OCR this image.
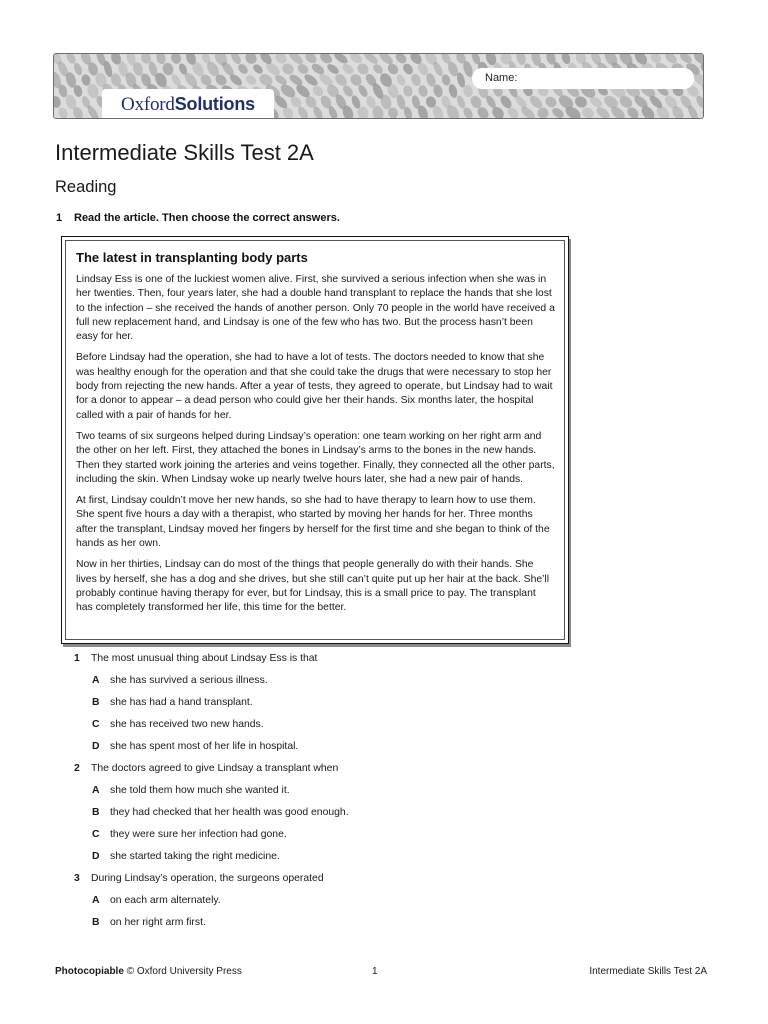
OxfordSolutions
Name:
Intermediate Skills Test 2A
Reading
1 Read the article. Then choose the correct answers.
The latest in transplanting body parts

Lindsay Ess is one of the luckiest women alive. First, she survived a serious infection when she was in her twenties. Then, four years later, she had a double hand transplant to replace the hands that she lost to the infection – she received the hands of another person. Only 70 people in the world have received a full new replacement hand, and Lindsay is one of the few who has two. But the process hasn’t been easy for her.

Before Lindsay had the operation, she had to have a lot of tests. The doctors needed to know that she was healthy enough for the operation and that she could take the drugs that were necessary to stop her body from rejecting the new hands. After a year of tests, they agreed to operate, but Lindsay had to wait for a donor to appear – a dead person who could give her their hands. Six months later, the hospital called with a pair of hands for her.

Two teams of six surgeons helped during Lindsay’s operation: one team working on her right arm and the other on her left. First, they attached the bones in Lindsay’s arms to the bones in the new hands. Then they started work joining the arteries and veins together. Finally, they connected all the other parts, including the skin. When Lindsay woke up nearly twelve hours later, she had a new pair of hands.

At first, Lindsay couldn’t move her new hands, so she had to have therapy to learn how to use them. She spent five hours a day with a therapist, who started by moving her hands for her. Three months after the transplant, Lindsay moved her fingers by herself for the first time and she began to think of the hands as her own.

Now in her thirties, Lindsay can do most of the things that people generally do with their hands. She lives by herself, she has a dog and she drives, but she still can’t quite put up her hair at the back. She’ll probably continue having therapy for ever, but for Lindsay, this is a small price to pay. The transplant has completely transformed her life, this time for the better.

1	The most unusual thing about Lindsay Ess is that
A	she has survived a serious illness.
B	she has had a hand transplant.
C	she has received two new hands.
D	she has spent most of her life in hospital.
2	The doctors agreed to give Lindsay a transplant when
A	she told them how much she wanted it.
B	they had checked that her health was good enough.
C	they were sure her infection had gone.
D	she started taking the right medicine.
3	During Lindsay’s operation, the surgeons operated
A	on each arm alternately.
B	on her right arm first.
Photocopiable © Oxford University Press	1	Intermediate Skills Test 2A
